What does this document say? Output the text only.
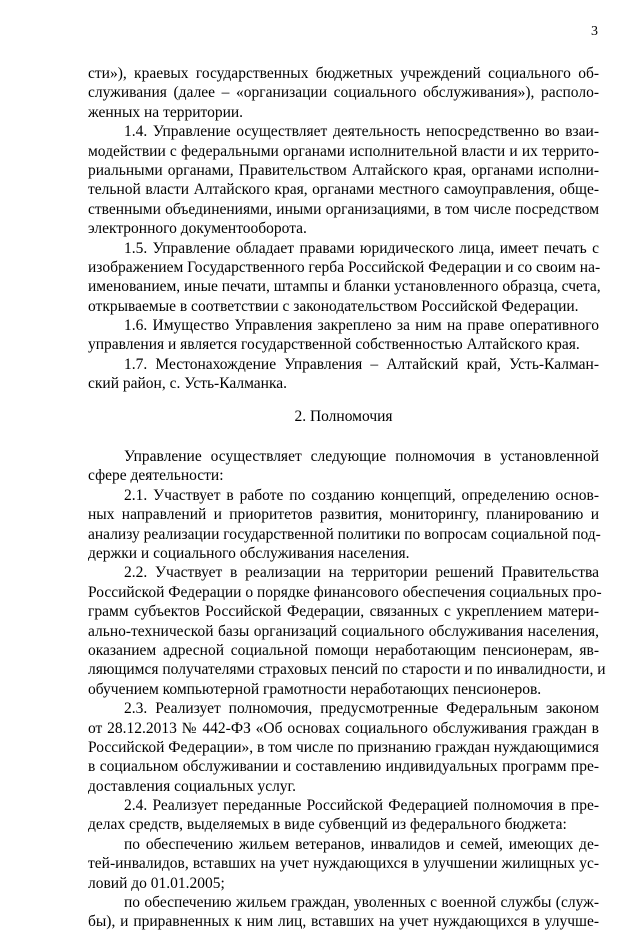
3
сти»), краевых государственных бюджетных учреждений социального об-
служивания (далее – «организации социального обслуживания»), располо-
женных на территории.
1.4. Управление осуществляет деятельность непосредственно во взаи-
модействии с федеральными органами исполнительной власти и их террито-
риальными органами, Правительством Алтайского края, органами исполни-
тельной власти Алтайского края, органами местного самоуправления, обще-
ственными объединениями, иными организациями, в том числе посредством
электронного документооборота.
1.5. Управление обладает правами юридического лица, имеет печать с
изображением Государственного герба Российской Федерации и со своим на-
именованием, иные печати, штампы и бланки установленного образца, счета,
открываемые в соответствии с законодательством Российской Федерации.
1.6. Имущество Управления закреплено за ним на праве оперативного
управления и является государственной собственностью Алтайского края.
1.7. Местонахождение Управления – Алтайский край, Усть-Калман-
ский район, с. Усть-Калманка.
2. Полномочия
Управление осуществляет следующие полномочия в установленной
сфере деятельности:
2.1. Участвует в работе по созданию концепций, определению основ-
ных направлений и приоритетов развития, мониторингу, планированию и
анализу реализации государственной политики по вопросам социальной под-
держки и социального обслуживания населения.
2.2. Участвует в реализации на территории решений Правительства
Российской Федерации о порядке финансового обеспечения социальных про-
грамм субъектов Российской Федерации, связанных с укреплением матери-
ально-технической базы организаций социального обслуживания населения,
оказанием адресной социальной помощи неработающим пенсионерам, яв-
ляющимся получателями страховых пенсий по старости и по инвалидности, и
обучением компьютерной грамотности неработающих пенсионеров.
2.3. Реализует полномочия, предусмотренные Федеральным законом
от 28.12.2013 № 442-ФЗ «Об основах социального обслуживания граждан в
Российской Федерации», в том числе по признанию граждан нуждающимися
в социальном обслуживании и составлению индивидуальных программ пре-
доставления социальных услуг.
2.4. Реализует переданные Российской Федерацией полномочия в пре-
делах средств, выделяемых в виде субвенций из федерального бюджета:
по обеспечению жильем ветеранов, инвалидов и семей, имеющих де-
тей-инвалидов, вставших на учет нуждающихся в улучшении жилищных ус-
ловий до 01.01.2005;
по обеспечению жильем граждан, уволенных с военной службы (служ-
бы), и приравненных к ним лиц, вставших на учет нуждающихся в улучше-
